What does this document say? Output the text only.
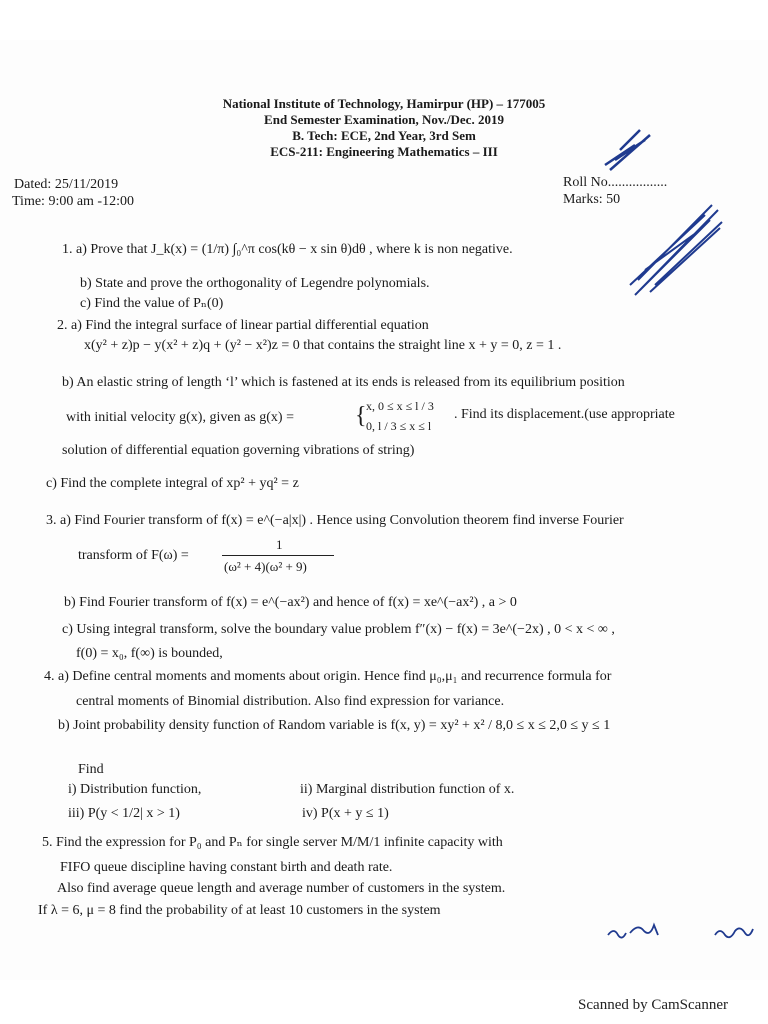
National Institute of Technology, Hamirpur (HP) – 177005
End Semester Examination, Nov./Dec. 2019
B. Tech: ECE, 2nd Year, 3rd Sem
ECS-211: Engineering Mathematics – III
Dated: 25/11/2019
Time: 9:00 am -12:00
Roll No.................
Marks: 50
1. a) Prove that J_k(x) = (1/π) ∫₀^π cos(kθ − x sin θ)dθ , where k is non negative.
b) State and prove the orthogonality of Legendre polynomials.
c) Find the value of Pₙ(0)
2. a) Find the integral surface of linear partial differential equation
x(y² + z)p − y(x² + z)q + (y² − x²)z = 0 that contains the straight line x + y = 0, z = 1 .
b) An elastic string of length ‘l’ which is fastened at its ends is released from its equilibrium position
with initial velocity g(x), given as g(x) =	{ x, 0 ≤ x ≤ l / 3
0, l / 3 ≤ x ≤ l
. Find its displacement.(use appropriate
solution of differential equation governing vibrations of string)
c) Find the complete integral of xp² + yq² = z
3. a) Find Fourier transform of f(x) = e^(−a|x|) . Hence using Convolution theorem find inverse Fourier
transform of F(ω) =
1
(ω² + 4)(ω² + 9)
b) Find Fourier transform of f(x) = e^(−ax²) and hence of f(x) = xe^(−ax²) , a > 0
c) Using integral transform, solve the boundary value problem f″(x) − f(x) = 3e^(−2x) , 0 < x < ∞ ,
f(0) = x₀, f(∞) is bounded,
4. a) Define central moments and moments about origin. Hence find μ₀,μ₁ and recurrence formula for
central moments of Binomial distribution. Also find expression for variance.
b) Joint probability density function of Random variable is f(x, y) = xy² + x² / 8,0 ≤ x ≤ 2,0 ≤ y ≤ 1
Find
i) Distribution function,	ii) Marginal distribution function of x.
iii) P(y < 1/2| x > 1)	iv) P(x + y ≤ 1)
5. Find the expression for P₀ and Pₙ for single server M/M/1 infinite capacity with
FIFO queue discipline having constant birth and death rate.
Also find average queue length and average number of customers in the system.
If λ = 6, μ = 8 find the probability of at least 10 customers in the system
Scanned by CamScanner
